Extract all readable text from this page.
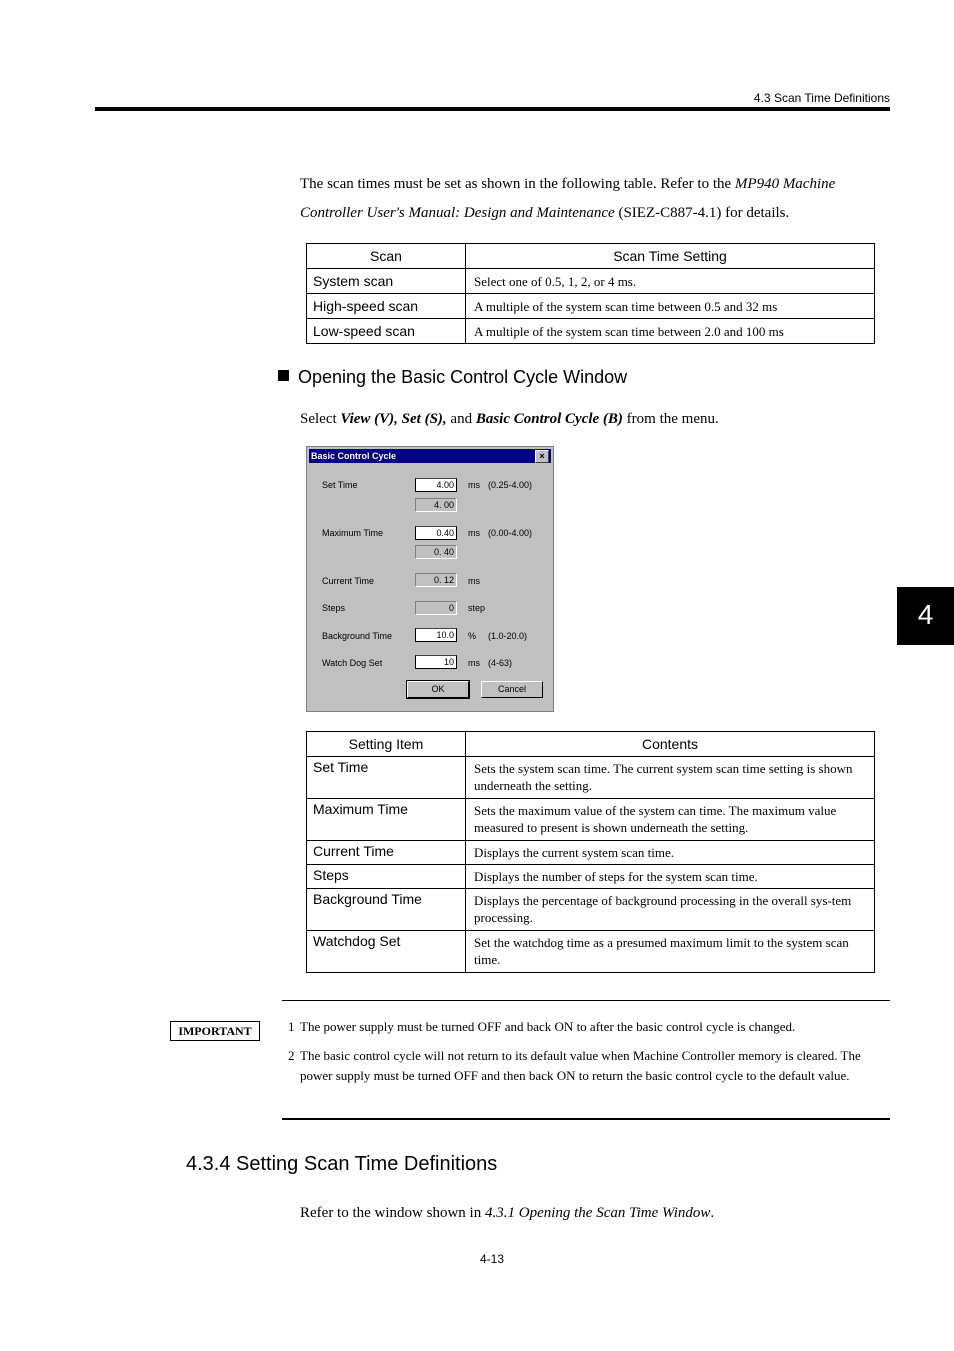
4.3 Scan Time Definitions
4
The scan times must be set as shown in the following table. Refer to the MP940 Machine Controller User's Manual: Design and Maintenance (SIEZ-C887-4.1) for details.
Scan	Scan Time Setting
System scan	Select one of 0.5, 1, 2, or 4 ms.
High-speed scan	A multiple of the system scan time between 0.5 and 32 ms
Low-speed scan	A multiple of the system scan time between 2.0 and 100 ms
Opening the Basic Control Cycle Window
Select View (V), Set (S), and Basic Control Cycle (B) from the menu.
Basic Control Cycle	×
Set Time	4.00	ms (0.25-4.00)
4. 00
Maximum Time	0.40	ms (0.00-4.00)
0. 40
Current Time	0. 12	ms
Steps	0	step
Background Time	10.0	% (1.0-20.0)
Watch Dog Set	10	ms (4-63)
OK	Cancel
Setting Item	Contents
Set Time	Sets the system scan time. The current system scan time setting is shown underneath the setting.
Maximum Time	Sets the maximum value of the system can time. The maximum value measured to present is shown underneath the setting.
Current Time	Displays the current system scan time.
Steps	Displays the number of steps for the system scan time.
Background Time	Displays the percentage of background processing in the overall sys-tem processing.
Watchdog Set	Set the watchdog time as a presumed maximum limit to the system scan time.
IMPORTANT	1 The power supply must be turned OFF and back ON to after the basic control cycle is changed.
2 The basic control cycle will not return to its default value when Machine Controller memory is cleared. The power supply must be turned OFF and then back ON to return the basic control cycle to the default value.
4.3.4 Setting Scan Time Definitions
Refer to the window shown in 4.3.1 Opening the Scan Time Window.
4-13
